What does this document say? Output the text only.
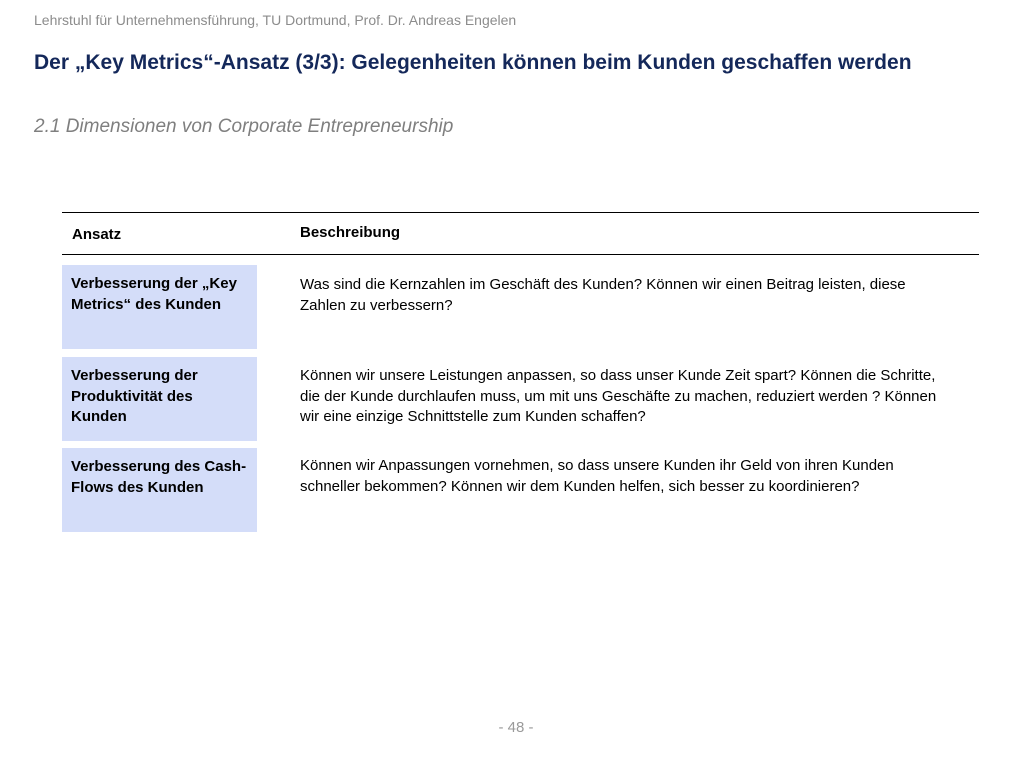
Lehrstuhl für Unternehmensführung, TU Dortmund, Prof. Dr. Andreas Engelen
Der „Key Metrics“-Ansatz (3/3): Gelegenheiten können beim Kunden geschaffen werden
2.1 Dimensionen von Corporate Entrepreneurship
Ansatz	Beschreibung
Verbesserung der „Key Metrics“ des Kunden
Was sind die Kernzahlen im Geschäft des Kunden? Können wir einen Beitrag leisten, diese Zahlen zu verbessern?
Verbesserung der Produktivität des Kunden
Können wir unsere Leistungen anpassen, so dass unser Kunde Zeit spart? Können die Schritte, die der Kunde durchlaufen muss, um mit uns Geschäfte zu machen, reduziert werden ? Können wir eine einzige Schnittstelle zum Kunden schaffen?
Verbesserung des Cash-Flows des Kunden
Können wir Anpassungen vornehmen, so dass unsere Kunden ihr Geld von ihren Kunden schneller bekommen? Können wir dem Kunden helfen, sich besser zu koordinieren?
- 48 -
